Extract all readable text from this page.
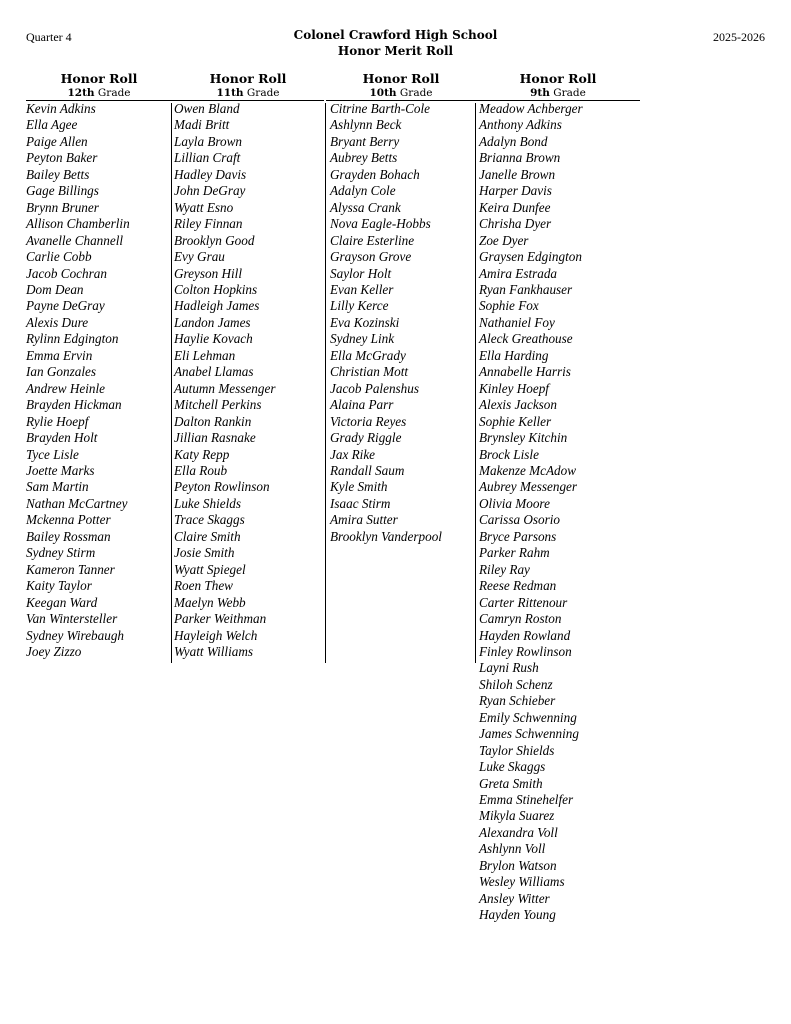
Quarter 4	Colonel Crawford High School
Honor Merit Roll
2025-2026
Honor Roll
12th Grade
Kevin Adkins
Ella Agee
Paige Allen
Peyton Baker
Bailey Betts
Gage Billings
Brynn Bruner
Allison Chamberlin
Avanelle Channell
Carlie Cobb
Jacob Cochran
Dom Dean
Payne DeGray
Alexis Dure
Rylinn Edgington
Emma Ervin
Ian Gonzales
Andrew Heinle
Brayden Hickman
Rylie Hoepf
Brayden Holt
Tyce Lisle
Joette Marks
Sam Martin
Nathan McCartney
Mckenna Potter
Bailey Rossman
Sydney Stirm
Kameron Tanner
Kaity Taylor
Keegan Ward
Van Wintersteller
Sydney Wirebaugh
Joey Zizzo
Honor Roll
11th Grade
Owen Bland
Madi Britt
Layla Brown
Lillian Craft
Hadley Davis
John DeGray
Wyatt Esno
Riley Finnan
Brooklyn Good
Evy Grau
Greyson Hill
Colton Hopkins
Hadleigh James
Landon James
Haylie Kovach
Eli Lehman
Anabel Llamas
Autumn Messenger
Mitchell Perkins
Dalton Rankin
Jillian Rasnake
Katy Repp
Ella Roub
Peyton Rowlinson
Luke Shields
Trace Skaggs
Claire Smith
Josie Smith
Wyatt Spiegel
Roen Thew
Maelyn Webb
Parker Weithman
Hayleigh Welch
Wyatt Williams
Honor Roll
10th Grade
Citrine Barth-Cole
Ashlynn Beck
Bryant Berry
Aubrey Betts
Grayden Bohach
Adalyn Cole
Alyssa Crank
Nova Eagle-Hobbs
Claire Esterline
Grayson Grove
Saylor Holt
Evan Keller
Lilly Kerce
Eva Kozinski
Sydney Link
Ella McGrady
Christian Mott
Jacob Palenshus
Alaina Parr
Victoria Reyes
Grady Riggle
Jax Rike
Randall Saum
Kyle Smith
Isaac Stirm
Amira Sutter
Brooklyn Vanderpool
Honor Roll
9th Grade
Meadow Achberger
Anthony Adkins
Adalyn Bond
Brianna Brown
Janelle Brown
Harper Davis
Keira Dunfee
Chrisha Dyer
Zoe Dyer
Graysen Edgington
Amira Estrada
Ryan Fankhauser
Sophie Fox
Nathaniel Foy
Aleck Greathouse
Ella Harding
Annabelle Harris
Kinley Hoepf
Alexis Jackson
Sophie Keller
Brynsley Kitchin
Brock Lisle
Makenze McAdow
Aubrey Messenger
Olivia Moore
Carissa Osorio
Bryce Parsons
Parker Rahm
Riley Ray
Reese Redman
Carter Rittenour
Camryn Roston
Hayden Rowland
Finley Rowlinson
Layni Rush
Shiloh Schenz
Ryan Schieber
Emily Schwenning
James Schwenning
Taylor Shields
Luke Skaggs
Greta Smith
Emma Stinehelfer
Mikyla Suarez
Alexandra Voll
Ashlynn Voll
Brylon Watson
Wesley Williams
Ansley Witter
Hayden Young
